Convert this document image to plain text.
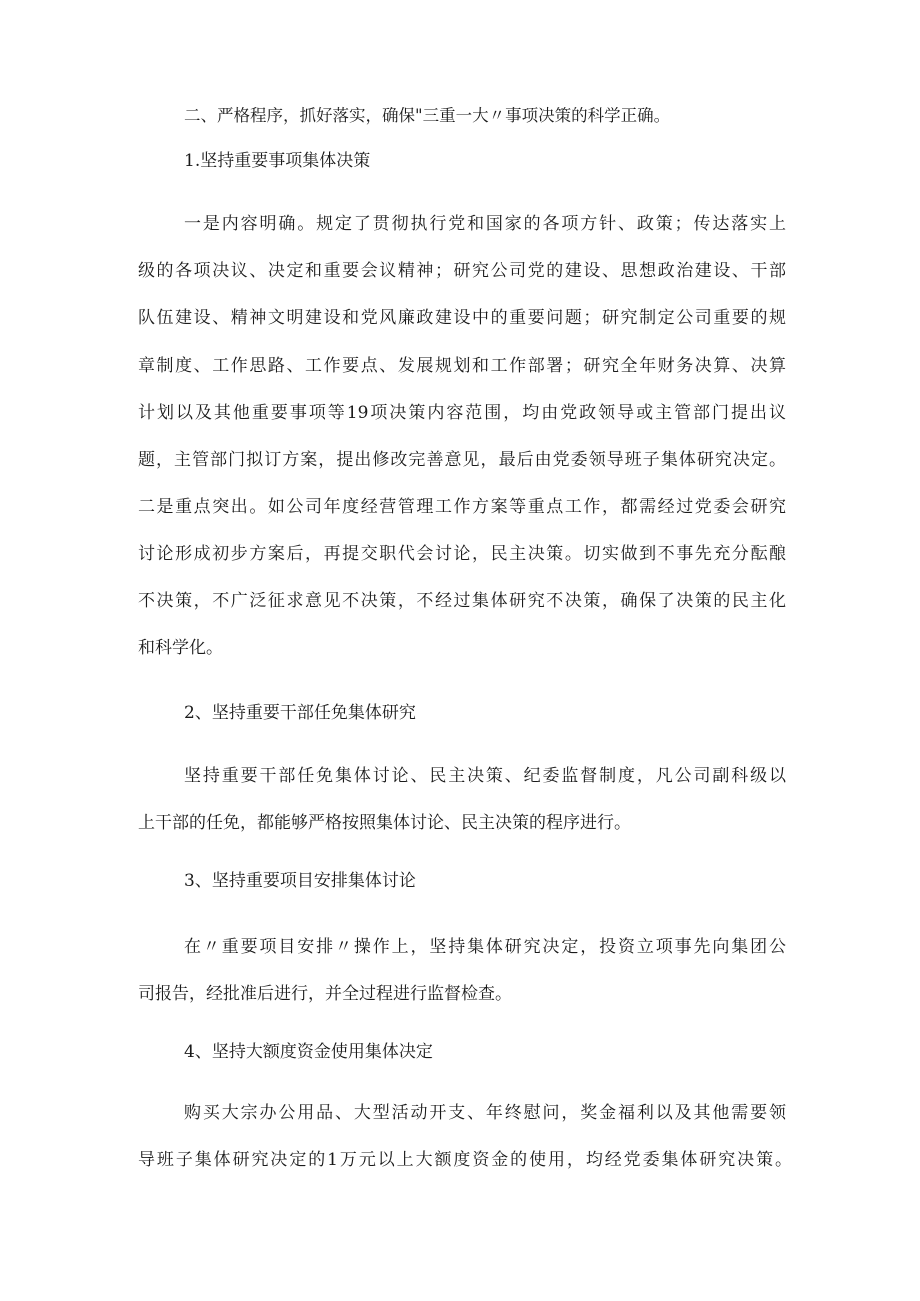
二、严格程序，抓好落实，确保"三重一大〃事项决策的科学正确。
1.坚持重要事项集体决策
一是内容明确。规定了贯彻执行党和国家的各项方针、政策；传达落实上
级的各项决议、决定和重要会议精神；研究公司党的建设、思想政治建设、干部
队伍建设、精神文明建设和党风廉政建设中的重要问题；研究制定公司重要的规
章制度、工作思路、工作要点、发展规划和工作部署；研究全年财务决算、决算
计划以及其他重要事项等19项决策内容范围，均由党政领导或主管部门提出议
题，主管部门拟订方案，提出修改完善意见，最后由党委领导班子集体研究决定。
二是重点突出。如公司年度经营管理工作方案等重点工作，都需经过党委会研究
讨论形成初步方案后，再提交职代会讨论，民主决策。切实做到不事先充分酝酿
不决策，不广泛征求意见不决策，不经过集体研究不决策，确保了决策的民主化
和科学化。
2、坚持重要干部任免集体研究
坚持重要干部任免集体讨论、民主决策、纪委监督制度，凡公司副科级以
上干部的任免，都能够严格按照集体讨论、民主决策的程序进行。
3、坚持重要项目安排集体讨论
在〃重要项目安排〃操作上，坚持集体研究决定，投资立项事先向集团公
司报告，经批准后进行，并全过程进行监督检查。
4、坚持大额度资金使用集体决定
购买大宗办公用品、大型活动开支、年终慰问，奖金福利以及其他需要领
导班子集体研究决定的1万元以上大额度资金的使用，均经党委集体研究决策。
